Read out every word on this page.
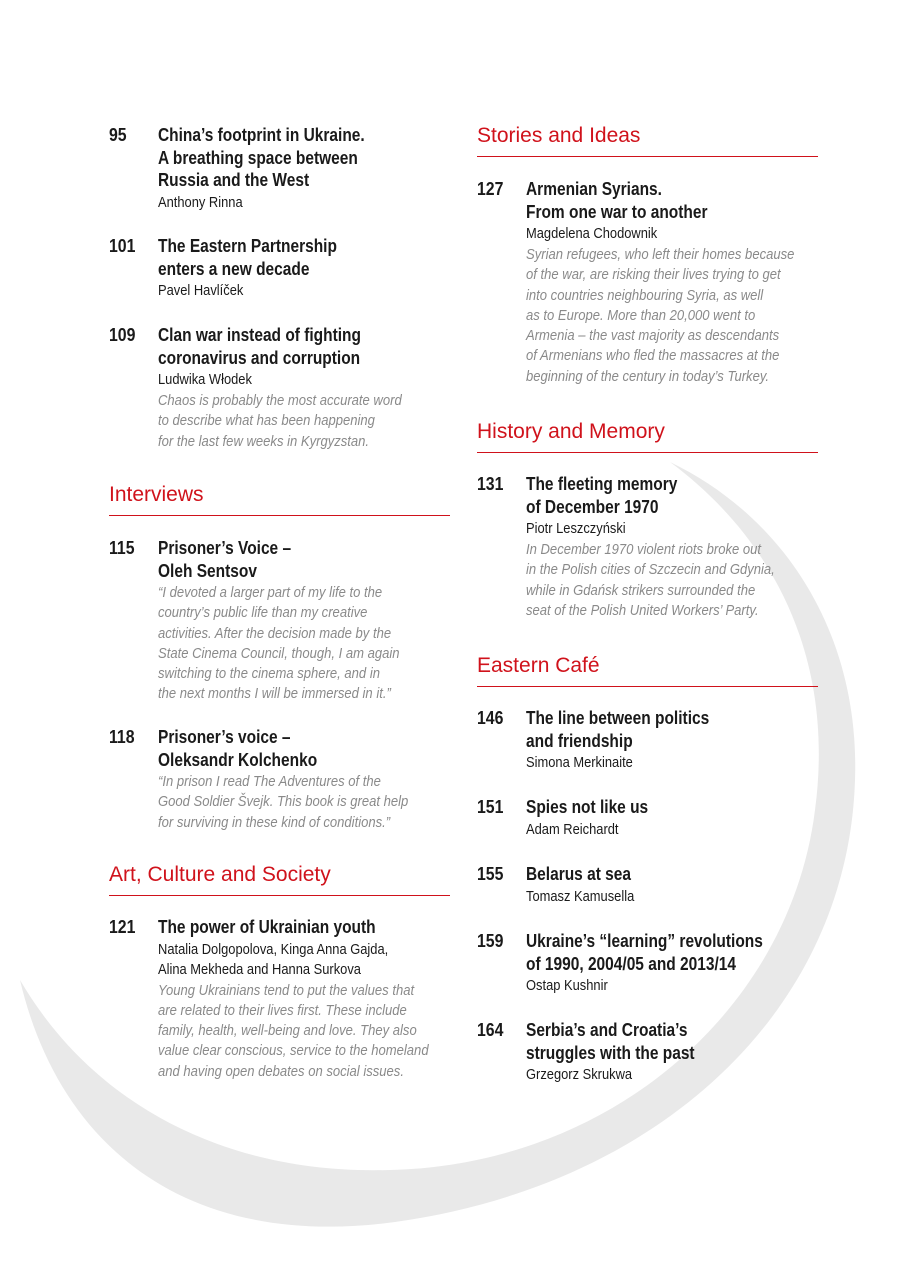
95 China’s footprint in Ukraine.
A breathing space between
Russia and the West
Anthony Rinna
101 The Eastern Partnership
enters a new decade
Pavel Havlíček
109 Clan war instead of fighting
coronavirus and corruption
Ludwika Włodek
Chaos is probably the most accurate word
to describe what has been happening
for the last few weeks in Kyrgyzstan.
Interviews
115 Prisoner’s Voice –
Oleh Sentsov
“I devoted a larger part of my life to the
country’s public life than my creative
activities. After the decision made by the
State Cinema Council, though, I am again
switching to the cinema sphere, and in
the next months I will be immersed in it.”
118 Prisoner’s voice –
Oleksandr Kolchenko
“In prison I read The Adventures of the
Good Soldier Švejk. This book is great help
for surviving in these kind of conditions.”
Art, Culture and Society
121 The power of Ukrainian youth
Natalia Dolgopolova, Kinga Anna Gajda,
Alina Mekheda and Hanna Surkova
Young Ukrainians tend to put the values that
are related to their lives first. These include
family, health, well-being and love. They also
value clear conscious, service to the homeland
and having open debates on social issues.
Stories and Ideas
127 Armenian Syrians.
From one war to another
Magdelena Chodownik
Syrian refugees, who left their homes because
of the war, are risking their lives trying to get
into countries neighbouring Syria, as well
as to Europe. More than 20,000 went to
Armenia – the vast majority as descendants
of Armenians who fled the massacres at the
beginning of the century in today’s Turkey.
History and Memory
131 The fleeting memory
of December 1970
Piotr Leszczyński
In December 1970 violent riots broke out
in the Polish cities of Szczecin and Gdynia,
while in Gdańsk strikers surrounded the
seat of the Polish United Workers’ Party.
Eastern Café
146 The line between politics
and friendship
Simona Merkinaite
151 Spies not like us
Adam Reichardt
155 Belarus at sea
Tomasz Kamusella
159 Ukraine’s “learning” revolutions
of 1990, 2004/05 and 2013/14
Ostap Kushnir
164 Serbia’s and Croatia’s
struggles with the past
Grzegorz Skrukwa
